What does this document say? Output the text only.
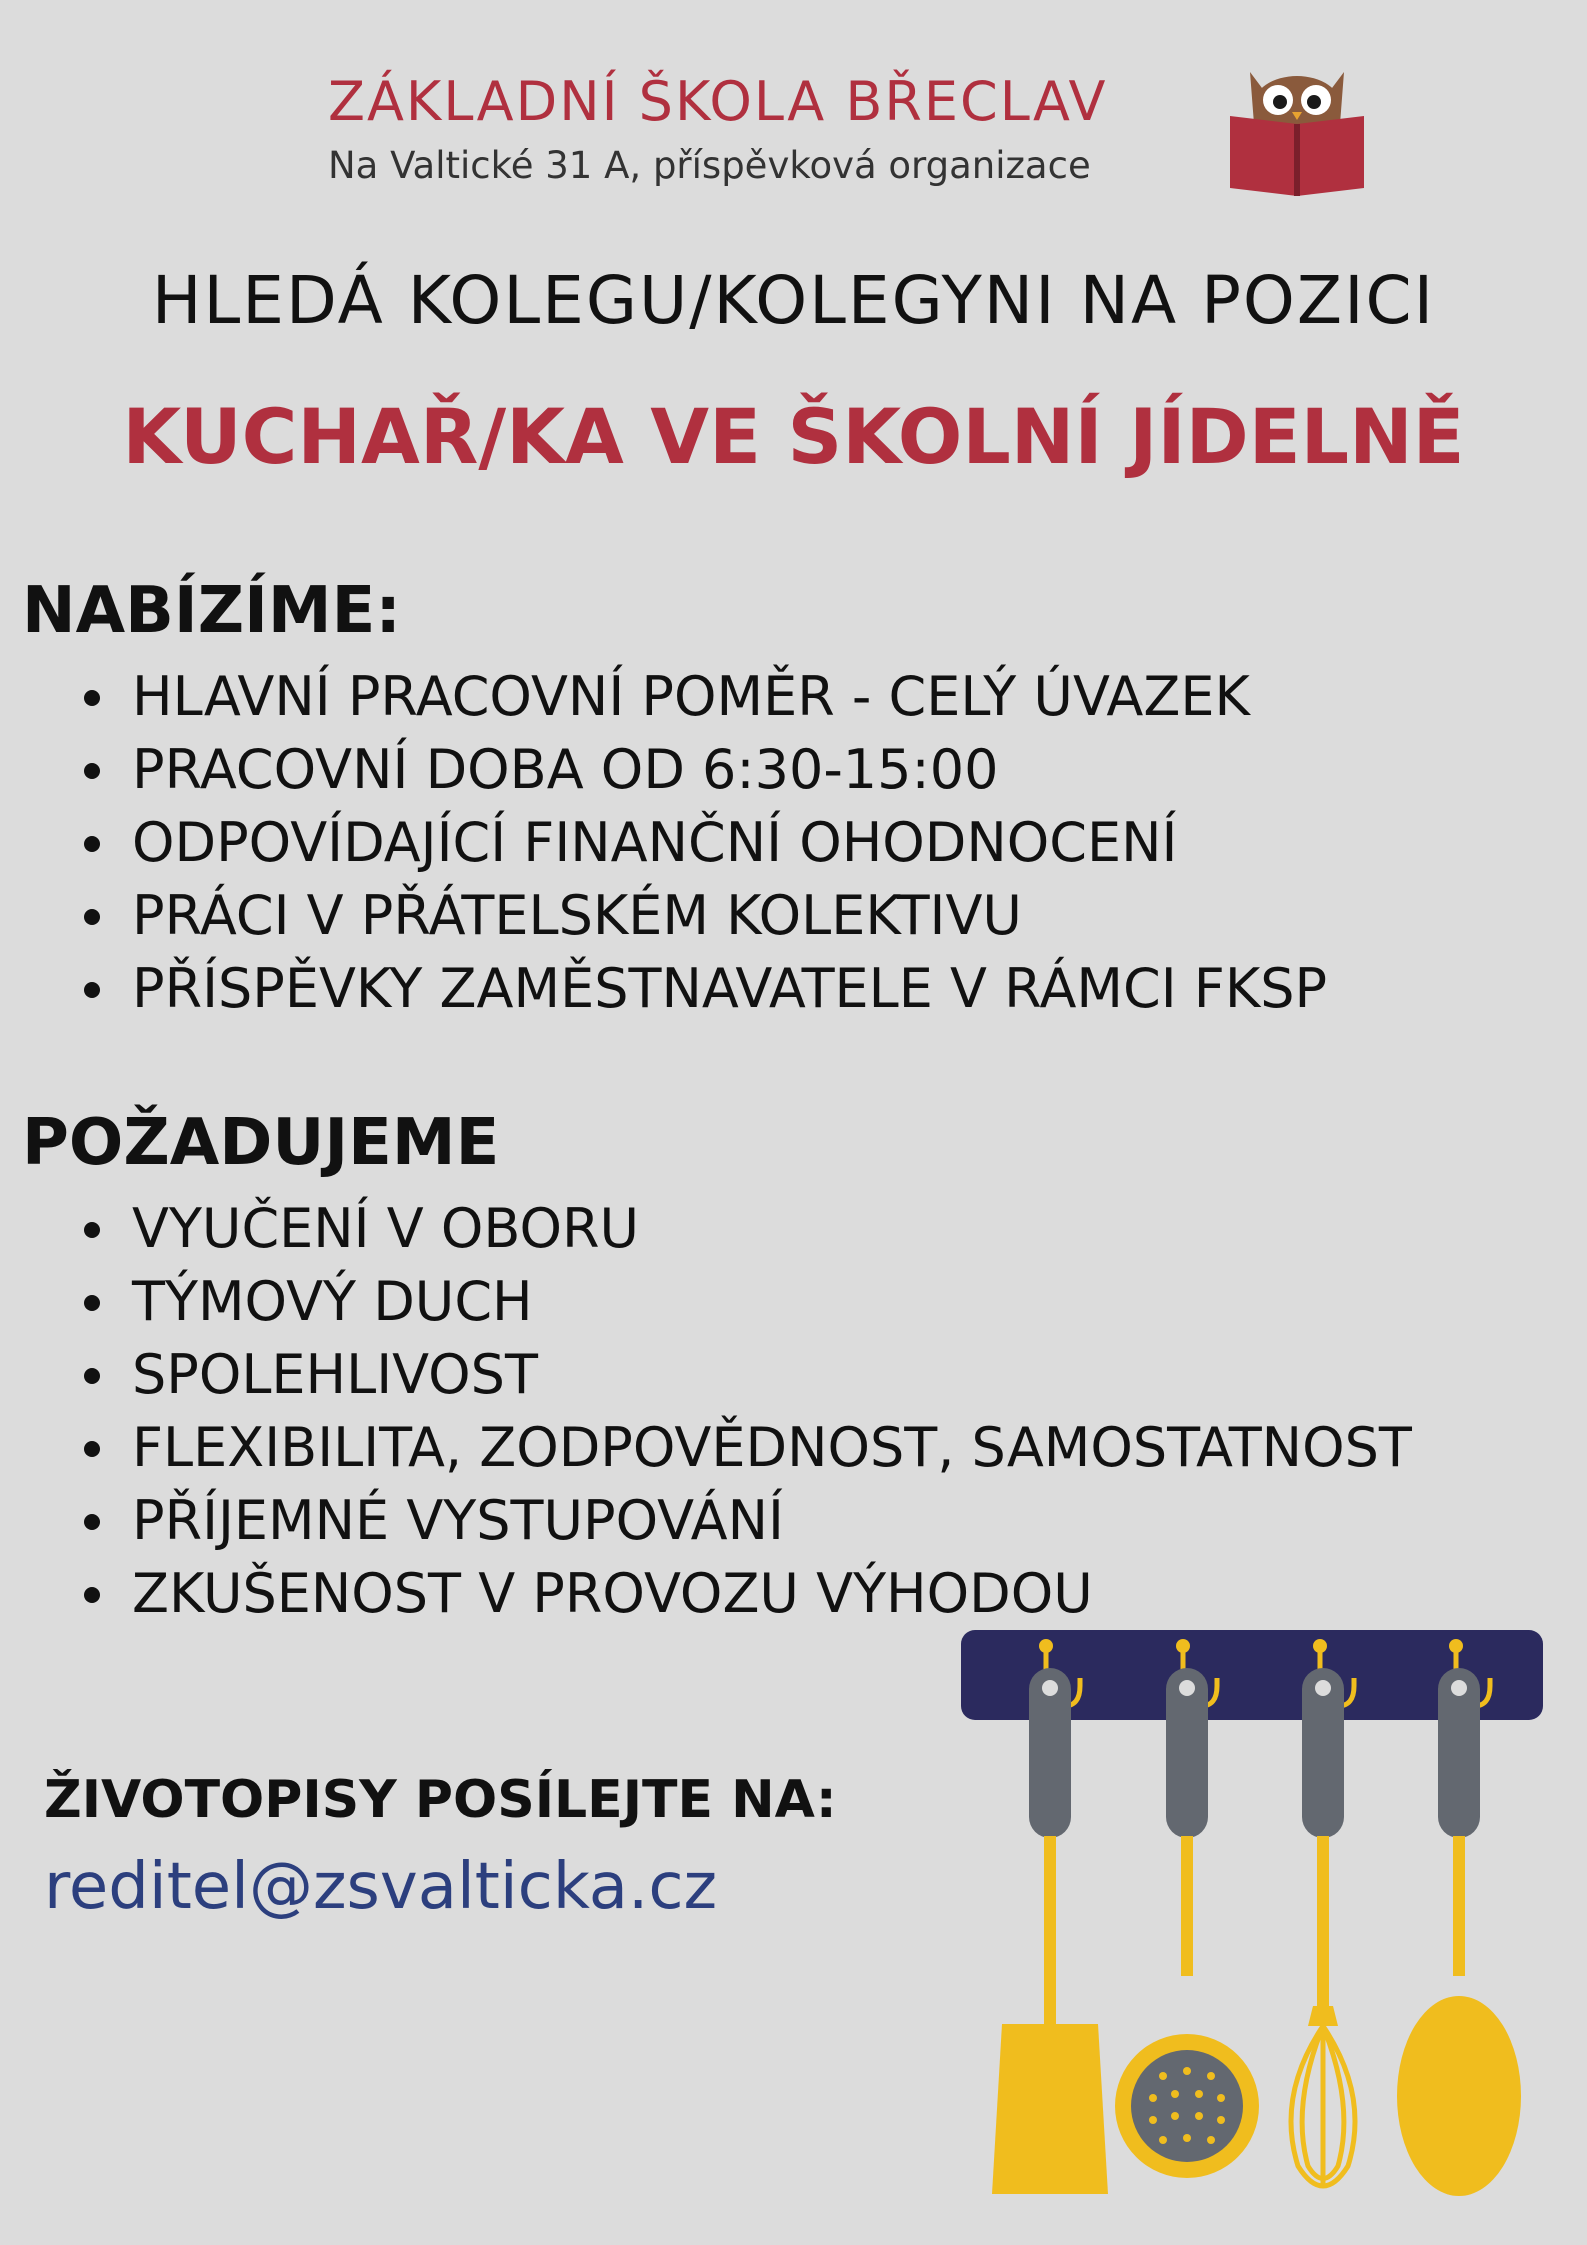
ZÁKLADNÍ ŠKOLA BŘECLAV
Na Valtické 31 A, příspěvková organizace
HLEDÁ KOLEGU/KOLEGYNI NA POZICI
KUCHAŘ/KA VE ŠKOLNÍ JÍDELNĚ
NABÍZÍME:
HLAVNÍ PRACOVNÍ POMĚR - CELÝ ÚVAZEK
PRACOVNÍ DOBA OD 6:30-15:00
ODPOVÍDAJÍCÍ FINANČNÍ OHODNOCENÍ
PRÁCI V PŘÁTELSKÉM KOLEKTIVU
PŘÍSPĚVKY ZAMĚSTNAVATELE V RÁMCI FKSP
POŽADUJEME
VYUČENÍ V OBORU
TÝMOVÝ DUCH
SPOLEHLIVOST
FLEXIBILITA, ZODPOVĚDNOST, SAMOSTATNOST
PŘÍJEMNÉ VYSTUPOVÁNÍ
ZKUŠENOST V PROVOZU VÝHODOU
ŽIVOTOPISY POSÍLEJTE NA:
reditel@zsvalticka.cz
